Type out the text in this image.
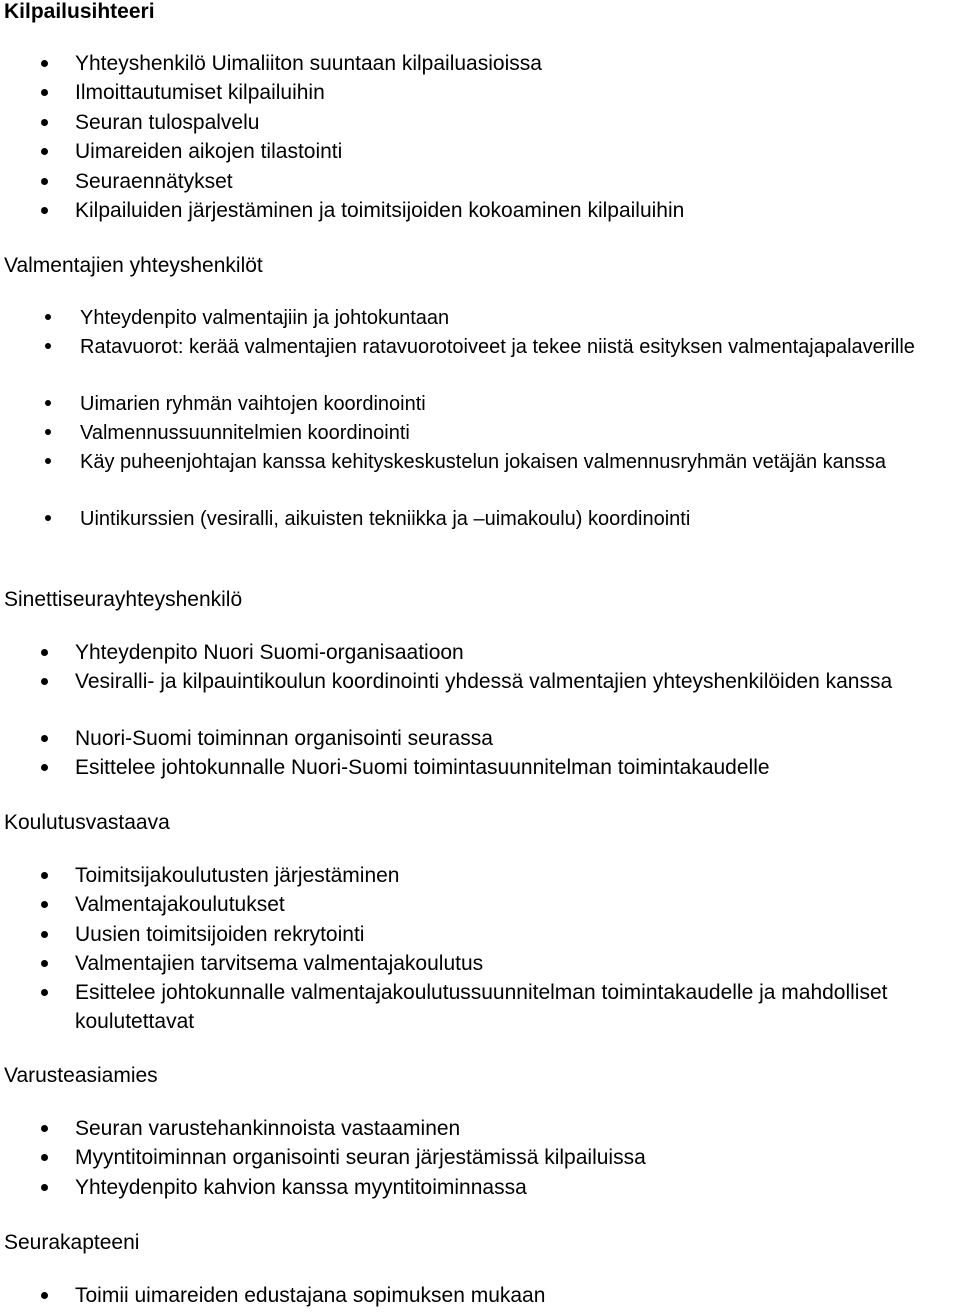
Kilpailusihteeri
Yhteyshenkilö Uimaliiton suuntaan kilpailuasioissa
Ilmoittautumiset kilpailuihin
Seuran tulospalvelu
Uimareiden aikojen tilastointi
Seuraennätykset
Kilpailuiden järjestäminen ja toimitsijoiden kokoaminen kilpailuihin
Valmentajien yhteyshenkilöt
Yhteydenpito valmentajiin ja johtokuntaan
Ratavuorot: kerää valmentajien ratavuorotoiveet ja tekee niistä esityksen valmentajapalaverille
Uimarien ryhmän vaihtojen koordinointi
Valmennussuunnitelmien koordinointi
Käy puheenjohtajan kanssa kehityskeskustelun jokaisen valmennusryhmän vetäjän kanssa
Uintikurssien (vesiralli, aikuisten tekniikka ja –uimakoulu) koordinointi
Sinettiseurayhteyshenkilö
Yhteydenpito Nuori Suomi-organisaatioon
Vesiralli- ja kilpauintikoulun koordinointi yhdessä valmentajien yhteyshenkilöiden kanssa
Nuori-Suomi toiminnan organisointi seurassa
Esittelee johtokunnalle Nuori-Suomi toimintasuunnitelman toimintakaudelle
Koulutusvastaava
Toimitsijakoulutusten järjestäminen
Valmentajakoulutukset
Uusien toimitsijoiden rekrytointi
Valmentajien tarvitsema valmentajakoulutus
Esittelee johtokunnalle valmentajakoulutussuunnitelman toimintakaudelle ja mahdolliset koulutettavat
Varusteasiamies
Seuran varustehankinnoista vastaaminen
Myyntitoiminnan organisointi seuran järjestämissä kilpailuissa
Yhteydenpito kahvion kanssa myyntitoiminnassa
Seurakapteeni
Toimii uimareiden edustajana sopimuksen mukaan
